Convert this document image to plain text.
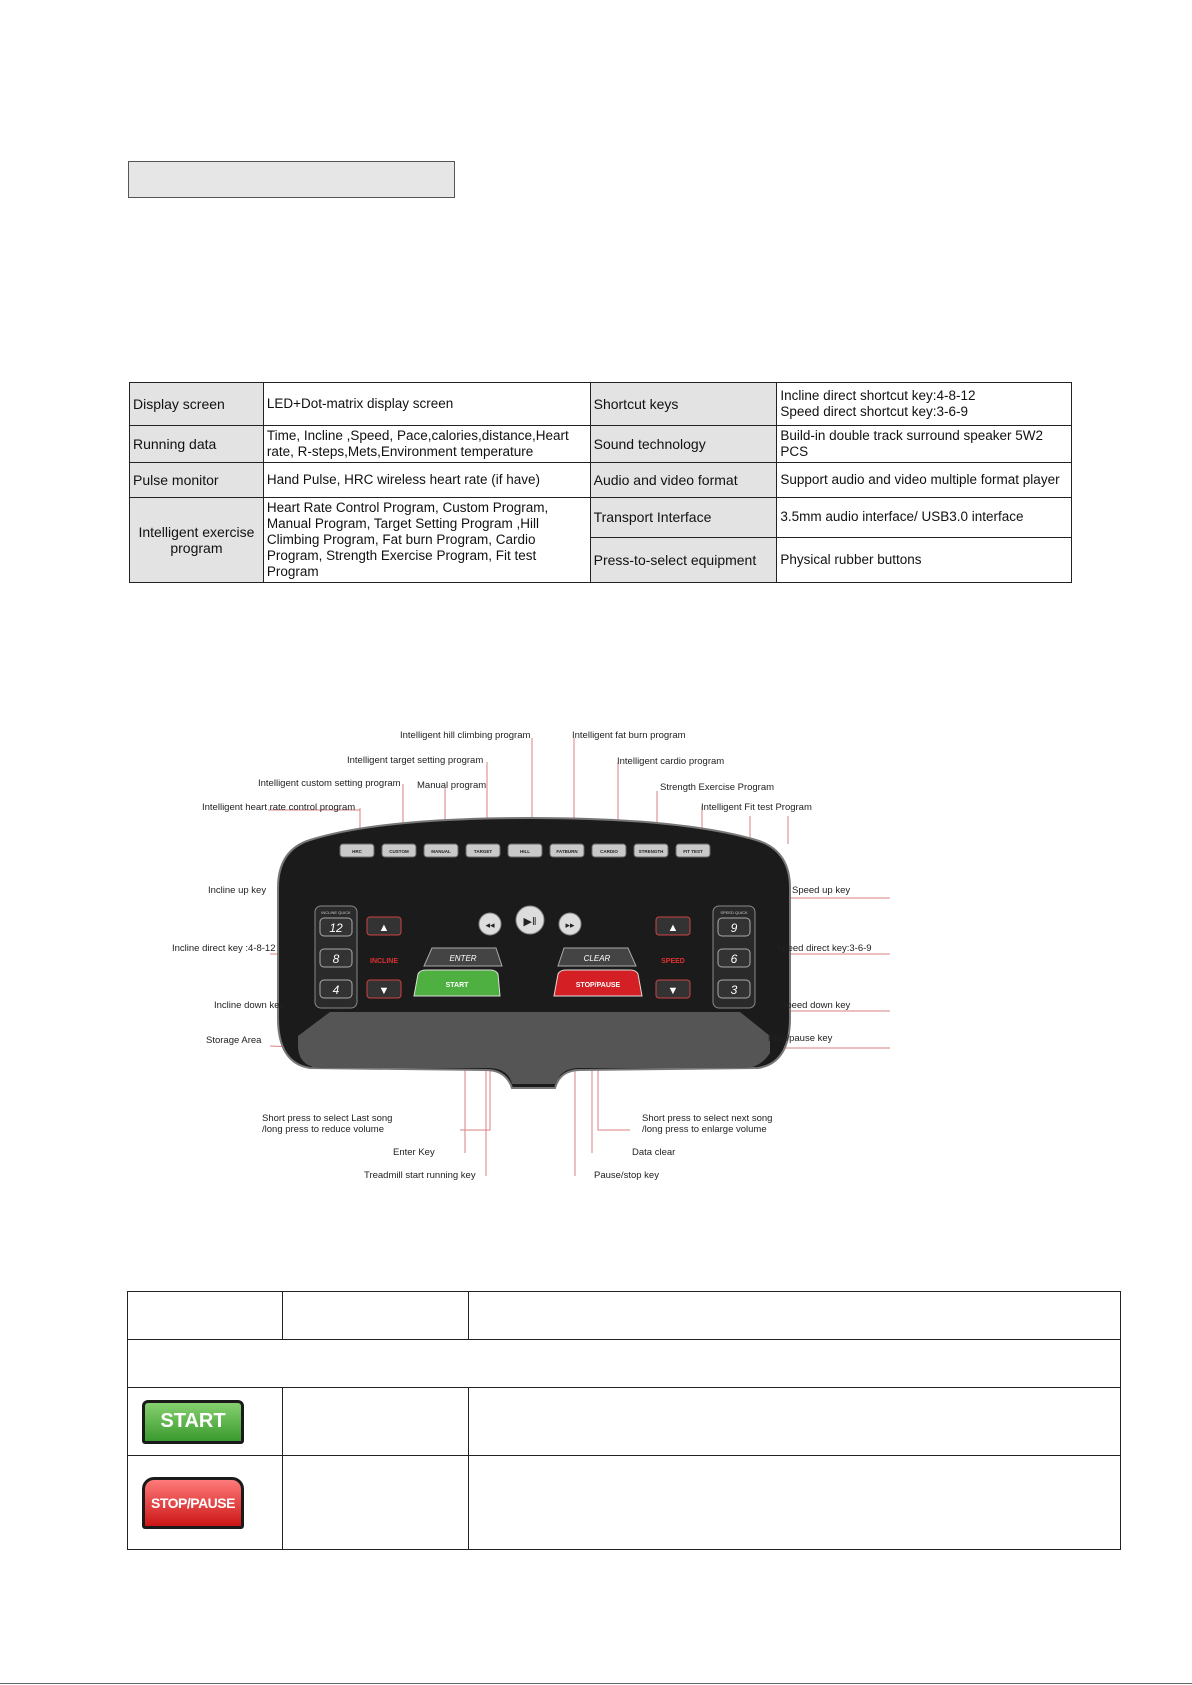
Display screen	LED+Dot-matrix display screen	Shortcut keys	Incline direct shortcut key:4-8-12
Speed direct shortcut key:3-6-9

Running data	Time, Incline ,Speed, Pace,calories,distance,Heart rate, R-steps,Mets,Environment temperature	Sound technology	Build-in double track surround speaker 5W2 PCS
Pulse monitor	Hand Pulse, HRC wireless heart rate (if have)	Audio and video format	Support audio and video multiple format player
Intelligent exercise program	Heart Rate Control Program, Custom Program, Manual Program, Target Setting Program ,Hill Climbing Program, Fat burn Program, Cardio Program, Strength Exercise Program, Fit test Program	Transport Interface	3.5mm audio interface/ USB3.0 interface
		Press-to-select equipment	Physical rubber buttons
HRC	CUSTOM	MANUAL	TARGET	HILL	FATBURN	CARDIO	STRENGTH	FIT TEST
INCLINE QUICK
12
8
4
▲
INCLINE
▼
SPEED QUICK
9
6
3
▲
SPEED
▼
◂◂	▶‖	▸▸
ENTER	CLEAR
START	STOP/PAUSE
Intelligent hill climbing program	Intelligent fat burn program
Intelligent target setting program	Intelligent cardio program
Intelligent custom setting program Manual program	Strength Exercise Program
Intelligent Fit test Program
Intelligent heart rate control program
Incline up key	Speed up key
Incline direct key :4-8-12	Speed direct key:3-6-9
Incline down key	Speed down key
Storage Area	Play/pause key
Short press to select Last song
/long press to reduce volume
Short press to select next song
/long press to enlarge volume
Enter Key	Data clear
Treadmill start running key	Pause/stop key

START		

STOP/PAUSE		
